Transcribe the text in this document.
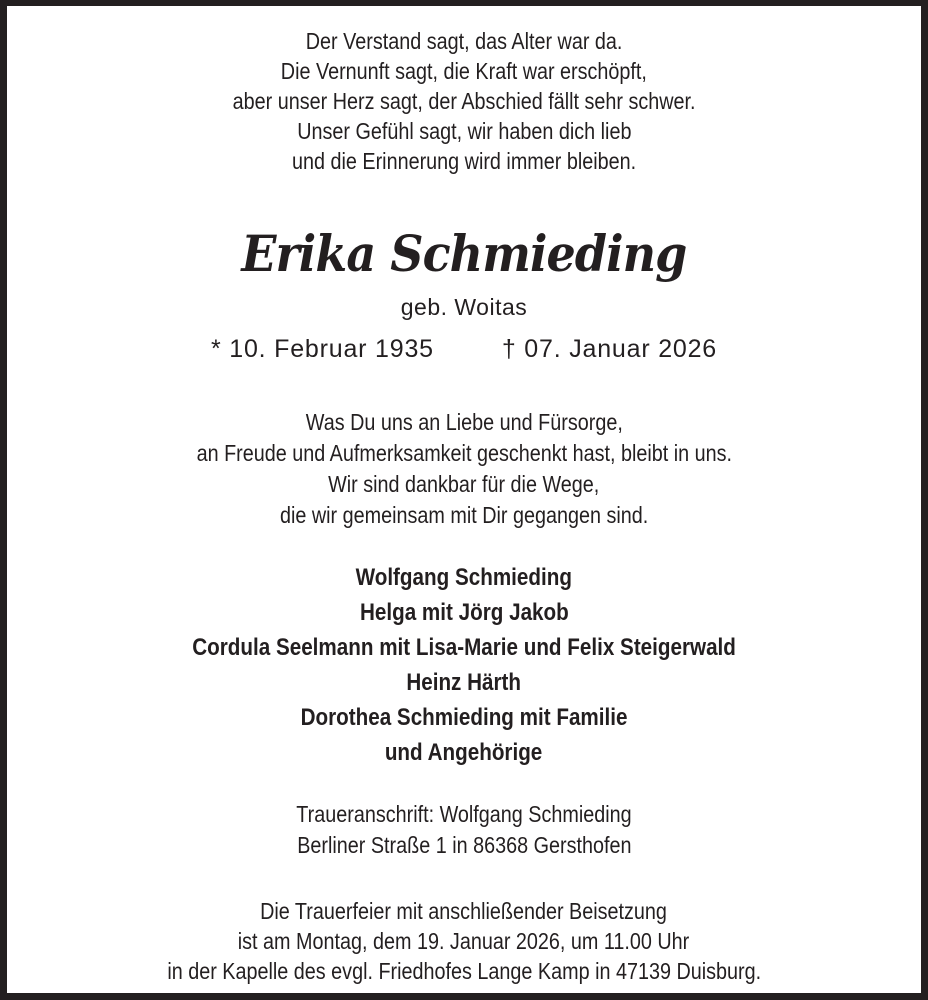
Der Verstand sagt, das Alter war da.
Die Vernunft sagt, die Kraft war erschöpft,
aber unser Herz sagt, der Abschied fällt sehr schwer.
Unser Gefühl sagt, wir haben dich lieb
und die Erinnerung wird immer bleiben.
Erika Schmieding
geb. Woitas
* 10. Februar 1935	† 07. Januar 2026
Was Du uns an Liebe und Fürsorge,
an Freude und Aufmerksamkeit geschenkt hast, bleibt in uns.
Wir sind dankbar für die Wege,
die wir gemeinsam mit Dir gegangen sind.
Wolfgang Schmieding
Helga mit Jörg Jakob
Cordula Seelmann mit Lisa-Marie und Felix Steigerwald
Heinz Härth
Dorothea Schmieding mit Familie
und Angehörige
Traueranschrift: Wolfgang Schmieding
Berliner Straße 1 in 86368 Gersthofen
Die Trauerfeier mit anschließender Beisetzung
ist am Montag, dem 19. Januar 2026, um 11.00 Uhr
in der Kapelle des evgl. Friedhofes Lange Kamp in 47139 Duisburg.
